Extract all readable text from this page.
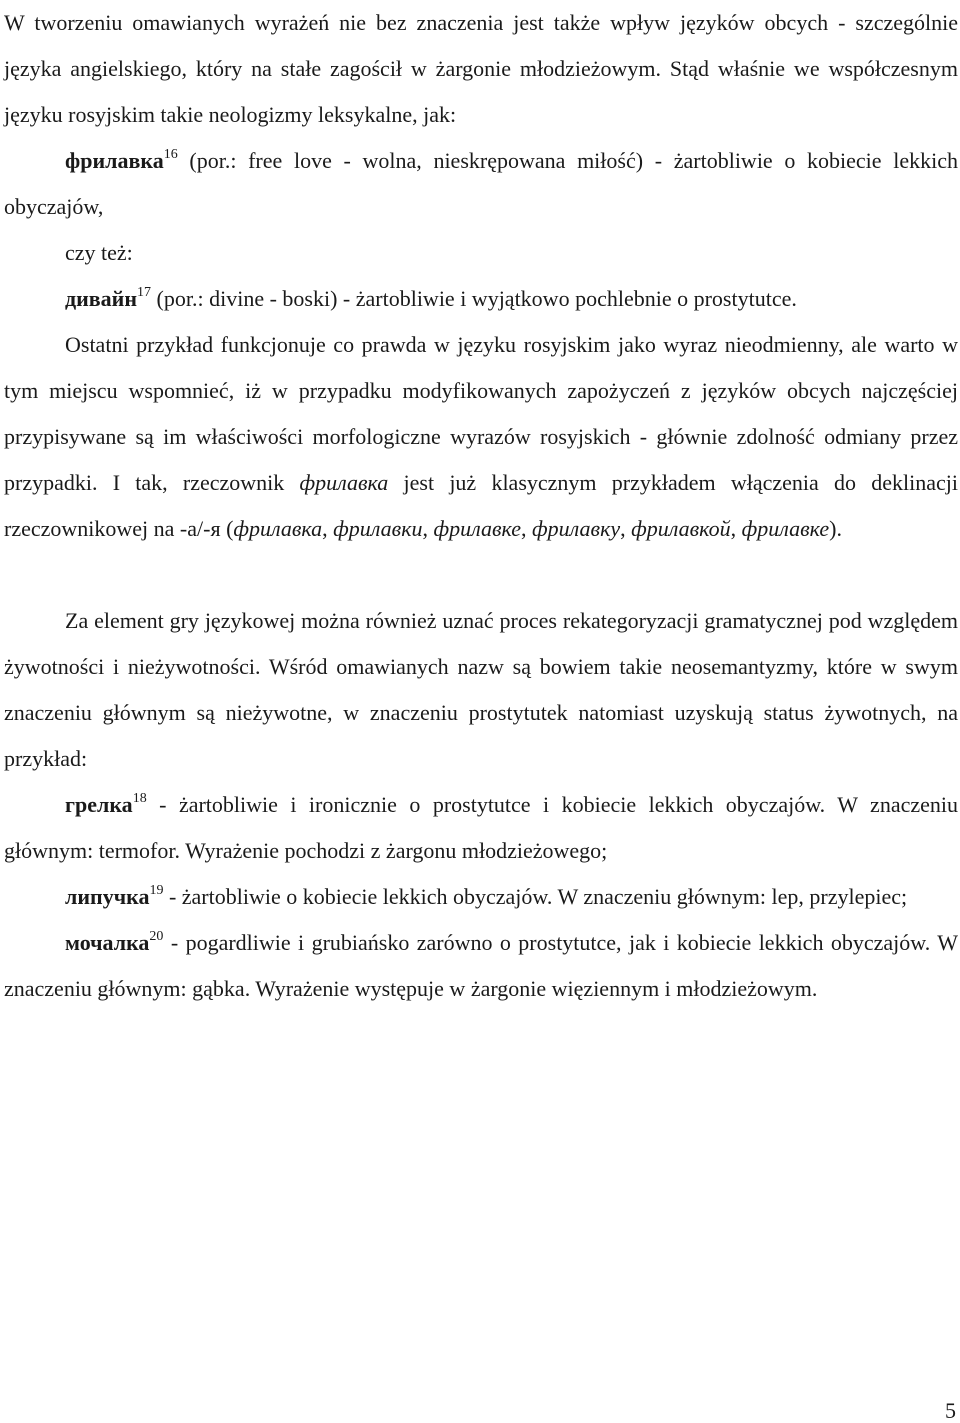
W tworzeniu omawianych wyrażeń nie bez znaczenia jest także wpływ języków obcych - szczególnie języka angielskiego, który na stałe zagościł w żargonie młodzieżowym. Stąd właśnie we współczesnym języku rosyjskim takie neologizmy leksykalne, jak:

фрилавка$^{16}$ (por.: free love - wolna, nieskrępowana miłość) - żartobliwie o kobiecie lekkich obyczajów,

czy też:

дивайн$^{17}$ (por.: divine - boski) - żartobliwie i wyjątkowo pochlebnie o prostytutce.

Ostatni przykład funkcjonuje co prawda w języku rosyjskim jako wyraz nieodmienny, ale warto w tym miejscu wspomnieć, iż w przypadku modyfikowanych zapożyczeń z języków obcych najczęściej przypisywane są im właściwości morfologiczne wyrazów rosyjskich - głównie zdolność odmiany przez przypadki. I tak, rzeczownik фрилавка jest już klasycznym przykładem włączenia do deklinacji rzeczownikowej na -a/-я (фрилавка, фрилавки, фрилавке, фрилавку, фрилавкой, фрилавке).

Za element gry językowej można również uznać proces rekategoryzacji gramatycznej pod względem żywotności i nieżywotności. Wśród omawianych nazw są bowiem takie neosemantyzmy, które w swym znaczeniu głównym są nieżywotne, w znaczeniu prostytutek natomiast uzyskują status żywotnych, na przykład:

грелка$^{18}$ - żartobliwie i ironicznie o prostytutce i kobiecie lekkich obyczajów. W znaczeniu głównym: termofor. Wyrażenie pochodzi z żargonu młodzieżowego;

липучка$^{19}$ - żartobliwie o kobiecie lekkich obyczajów. W znaczeniu głównym: lep, przylepiec;

мочалка$^{20}$ - pogardliwie i grubiańsko zarówno o prostytutce, jak i kobiecie lekkich obyczajów. W znaczeniu głównym: gąbka. Wyrażenie występuje w żargonie więziennym i młodzieżowym.

5
